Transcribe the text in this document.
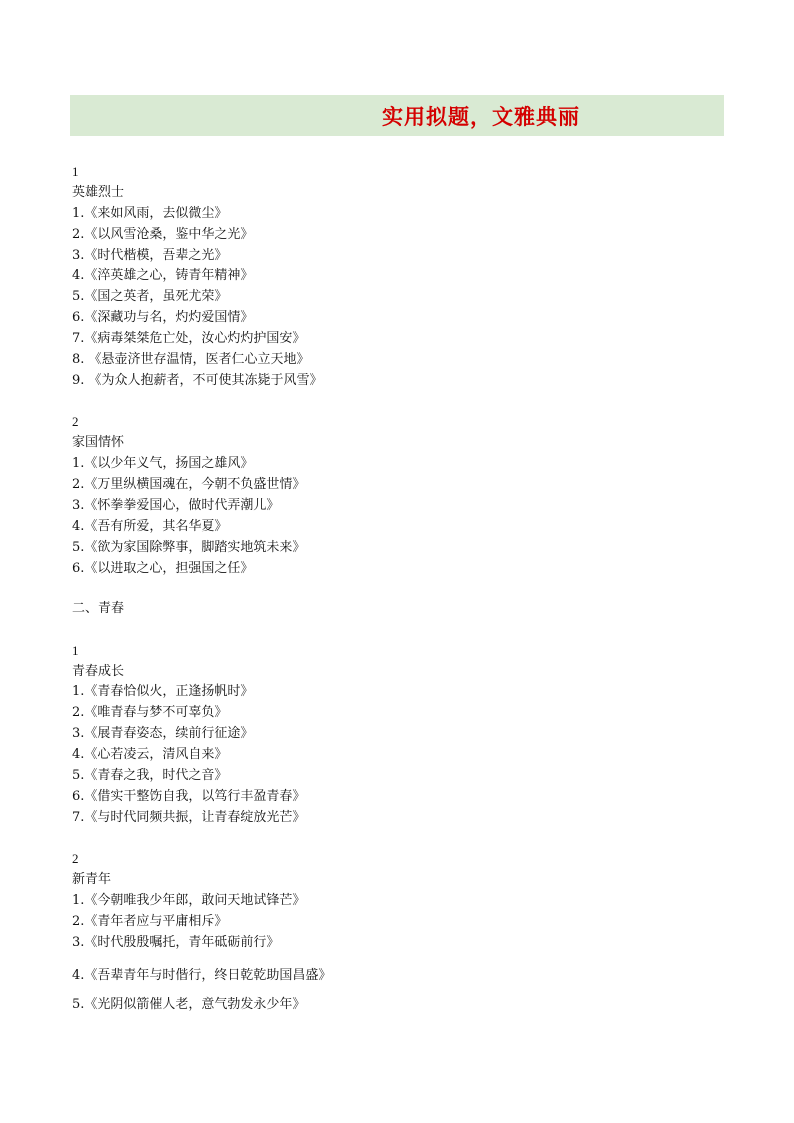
实用拟题，文雅典丽
1
英雄烈士
1.《来如风雨，去似微尘》
2.《以风雪沧桑，鉴中华之光》
3.《时代楷模，吾辈之光》
4.《淬英雄之心，铸青年精神》
5.《国之英者，虽死尤荣》
6.《深藏功与名，灼灼爱国情》
7.《病毒桀桀危亡处，汝心灼灼护国安》
8. 《悬壶济世存温情，医者仁心立天地》
9. 《为众人抱薪者，不可使其冻毙于风雪》
2
家国情怀
1.《以少年义气，扬国之雄风》
2.《万里纵横国魂在，今朝不负盛世情》
3.《怀拳拳爱国心，做时代弄潮儿》
4.《吾有所爱，其名华夏》
5.《欲为家国除弊事，脚踏实地筑未来》
6.《以进取之心，担强国之任》
二、青春
1
青春成长
1.《青春恰似火，正逢扬帆时》
2.《唯青春与梦不可辜负》
3.《展青春姿态，续前行征途》
4.《心若凌云，清风自来》
5.《青春之我，时代之音》
6.《借实干整饬自我，以笃行丰盈青春》
7.《与时代同频共振，让青春绽放光芒》
2
新青年
1.《今朝唯我少年郎，敢问天地试锋芒》
2.《青年者应与平庸相斥》
3.《时代殷殷嘱托，青年砥砺前行》
4.《吾辈青年与时偕行，终日乾乾助国昌盛》
5.《光阴似箭催人老，意气勃发永少年》
